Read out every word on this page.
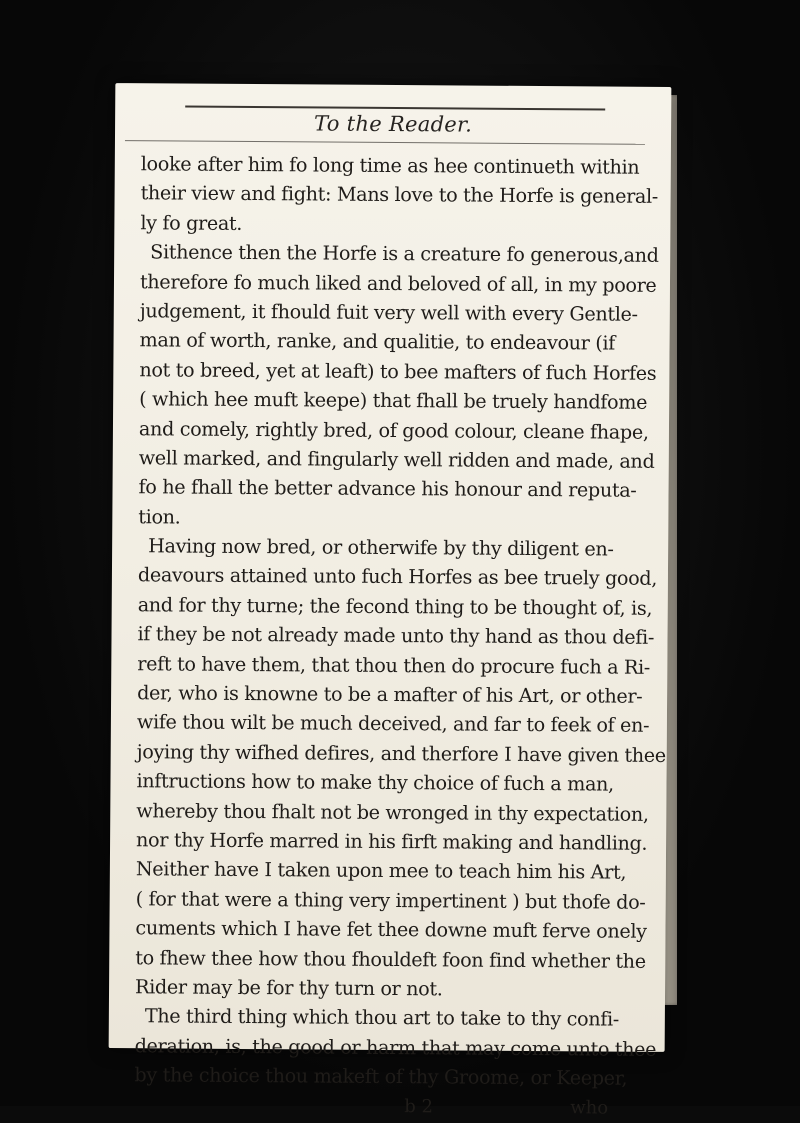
To the Reader.
looke after him fo long time as hee continueth within
their view and fight: Mans love to the Horfe is general-
ly fo great.
Sithence then the Horfe is a creature fo generous,and
therefore fo much liked and beloved of all, in my poore
judgement, it fhould fuit very well with every Gentle-
man of worth, ranke, and qualitie, to endeavour (if
not to breed, yet at leaft) to bee mafters of fuch Horfes
( which hee muft keepe) that fhall be truely handfome
and comely, rightly bred, of good colour, cleane fhape,
well marked, and fingularly well ridden and made, and
fo he fhall the better advance his honour and reputa-
tion.
Having now bred, or otherwife by thy diligent en-
deavours attained unto fuch Horfes as bee truely good,
and for thy turne; the fecond thing to be thought of, is,
if they be not already made unto thy hand as thou defi-
reft to have them, that thou then do procure fuch a Ri-
der, who is knowne to be a mafter of his Art, or other-
wife thou wilt be much deceived, and far to feek of en-
joying thy wifhed defires, and therfore I have given thee
inftructions how to make thy choice of fuch a man,
whereby thou fhalt not be wronged in thy expectation,
nor thy Horfe marred in his firft making and handling.
Neither have I taken upon mee to teach him his Art,
( for that were a thing very impertinent ) but thofe do-
cuments which I have fet thee downe muft ferve onely
to fhew thee how thou fhouldeft foon find whether the
Rider may be for thy turn or not.
The third thing which thou art to take to thy confi-
deration, is, the good or harm that may come unto thee
by the choice thou makeft of thy Groome, or Keeper,
b 2	who
